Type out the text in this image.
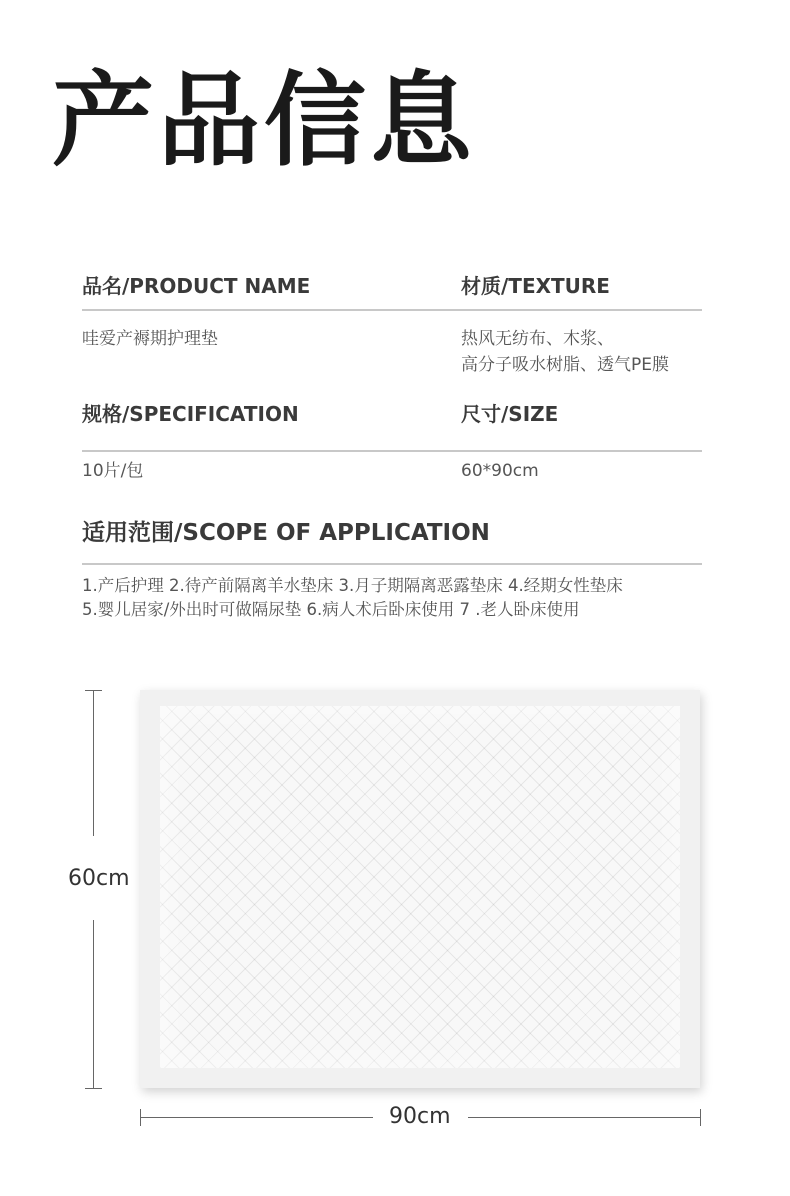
产品信息
品名/PRODUCT NAME	材质/TEXTURE
哇爱产褥期护理垫	热风无纺布、木浆、
高分子吸水树脂、透气PE膜
规格/SPECIFICATION	尺寸/SIZE
10片/包	60*90cm
适用范围/SCOPE OF APPLICATION
1.产后护理 2.待产前隔离羊水垫床 3.月子期隔离恶露垫床 4.经期女性垫床
5.婴儿居家/外出时可做隔尿垫 6.病人术后卧床使用 7 .老人卧床使用
60cm
90cm
